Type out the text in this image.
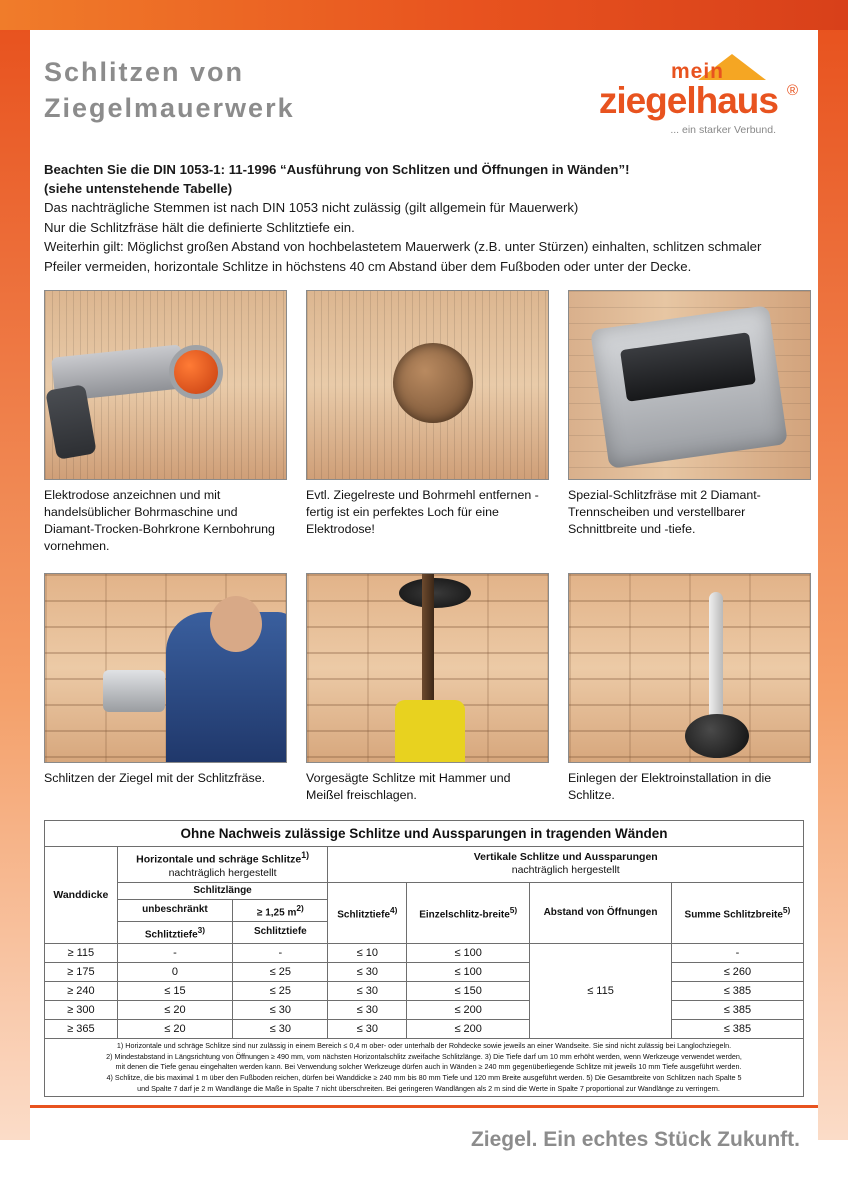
Schlitzen von
Ziegelmauerwerk
mein
ziegelhaus ®
... ein starker Verbund.
Beachten Sie die DIN 1053-1: 11-1996 “Ausführung von Schlitzen und Öffnungen in Wänden”!
(siehe untenstehende Tabelle)
Das nachträgliche Stemmen ist nach DIN 1053 nicht zulässig (gilt allgemein für Mauerwerk)
Nur die Schlitzfräse hält die definierte Schlitztiefe ein.
Weiterhin gilt: Möglichst großen Abstand von hochbelastetem Mauerwerk (z.B. unter Stürzen) einhalten, schlitzen schmaler
Pfeiler vermeiden, horizontale Schlitze in höchstens 40 cm Abstand über dem Fußboden oder unter der Decke.
Elektrodose anzeichnen und mit handelsüblicher Bohrmaschine und Diamant-Trocken-Bohrkrone Kernbohrung vornehmen.
Evtl. Ziegelreste und Bohrmehl entfernen - fertig ist ein perfektes Loch für eine Elektrodose!
Spezial-Schlitzfräse mit 2 Diamant-Trennscheiben und verstellbarer Schnittbreite und -tiefe.
Schlitzen der Ziegel mit der Schlitzfräse.	Vorgesägte Schlitze mit Hammer und Meißel freischlagen.
Einlegen der Elektroinstallation in die Schlitze.
Ohne Nachweis zulässige Schlitze und Aussparungen in tragenden Wänden						
Wanddicke	Horizontale und schräge Schlitze$^{1)}$
nachträglich hergestellt		Vertikale Schlitze und Aussparungen
nachträglich hergestellt			
	Schlitzlänge		Schlitztiefe$^{4)}$	Einzelschlitz-breite$^{5)}$	Abstand von Öffnungen	Summe Schlitzbreite$^{5)}$
	unbeschränkt	≥ 1,25 $m^{2)}$
	Schlitztiefe$^{3)}$	Schlitztiefe				
≥ 115	-	-	≤ 10	≤ 100	≤ 115	-
≥ 175	0	≤ 25	≤ 30	≤ 100		≤ 260
≥ 240	≤ 15	≤ 25	≤ 30	≤ 150		≤ 385
≥ 300	≤ 20	≤ 30	≤ 30	≤ 200		≤ 385
≥ 365	≤ 20	≤ 30	≤ 30	≤ 200		≤ 385

1) Horizontale und schräge Schlitze sind nur zulässig in einem Bereich ≤ 0,4 m ober- oder unterhalb der Rohdecke sowie jeweils an einer Wandseite. Sie sind nicht zulässig bei Langlochziegeln.

2) Mindestabstand in Längsrichtung von Öffnungen ≥ 490 mm, vom nächsten Horizontalschlitz zweifache Schlitzlänge. 3) Die Tiefe darf um 10 mm erhöht werden, wenn Werkzeuge verwendet werden,

mit denen die Tiefe genau eingehalten werden kann. Bei Verwendung solcher Werkzeuge dürfen auch in Wänden ≥ 240 mm gegenüberliegende Schlitze mit jeweils 10 mm Tiefe ausgeführt werden.

4) Schlitze, die bis maximal 1 m über den Fußboden reichen, dürfen bei Wanddicke ≥ 240 mm bis 80 mm Tiefe und 120 mm Breite ausgeführt werden. 5) Die Gesamtbreite von Schlitzen nach Spalte 5

und Spalte 7 darf je 2 m Wandlänge die Maße in Spalte 7 nicht überschreiten. Bei geringeren Wandlängen als 2 m sind die Werte in Spalte 7 proportional zur Wandlänge zu verringern.						

Ziegel. Ein echtes Stück Zukunft.
